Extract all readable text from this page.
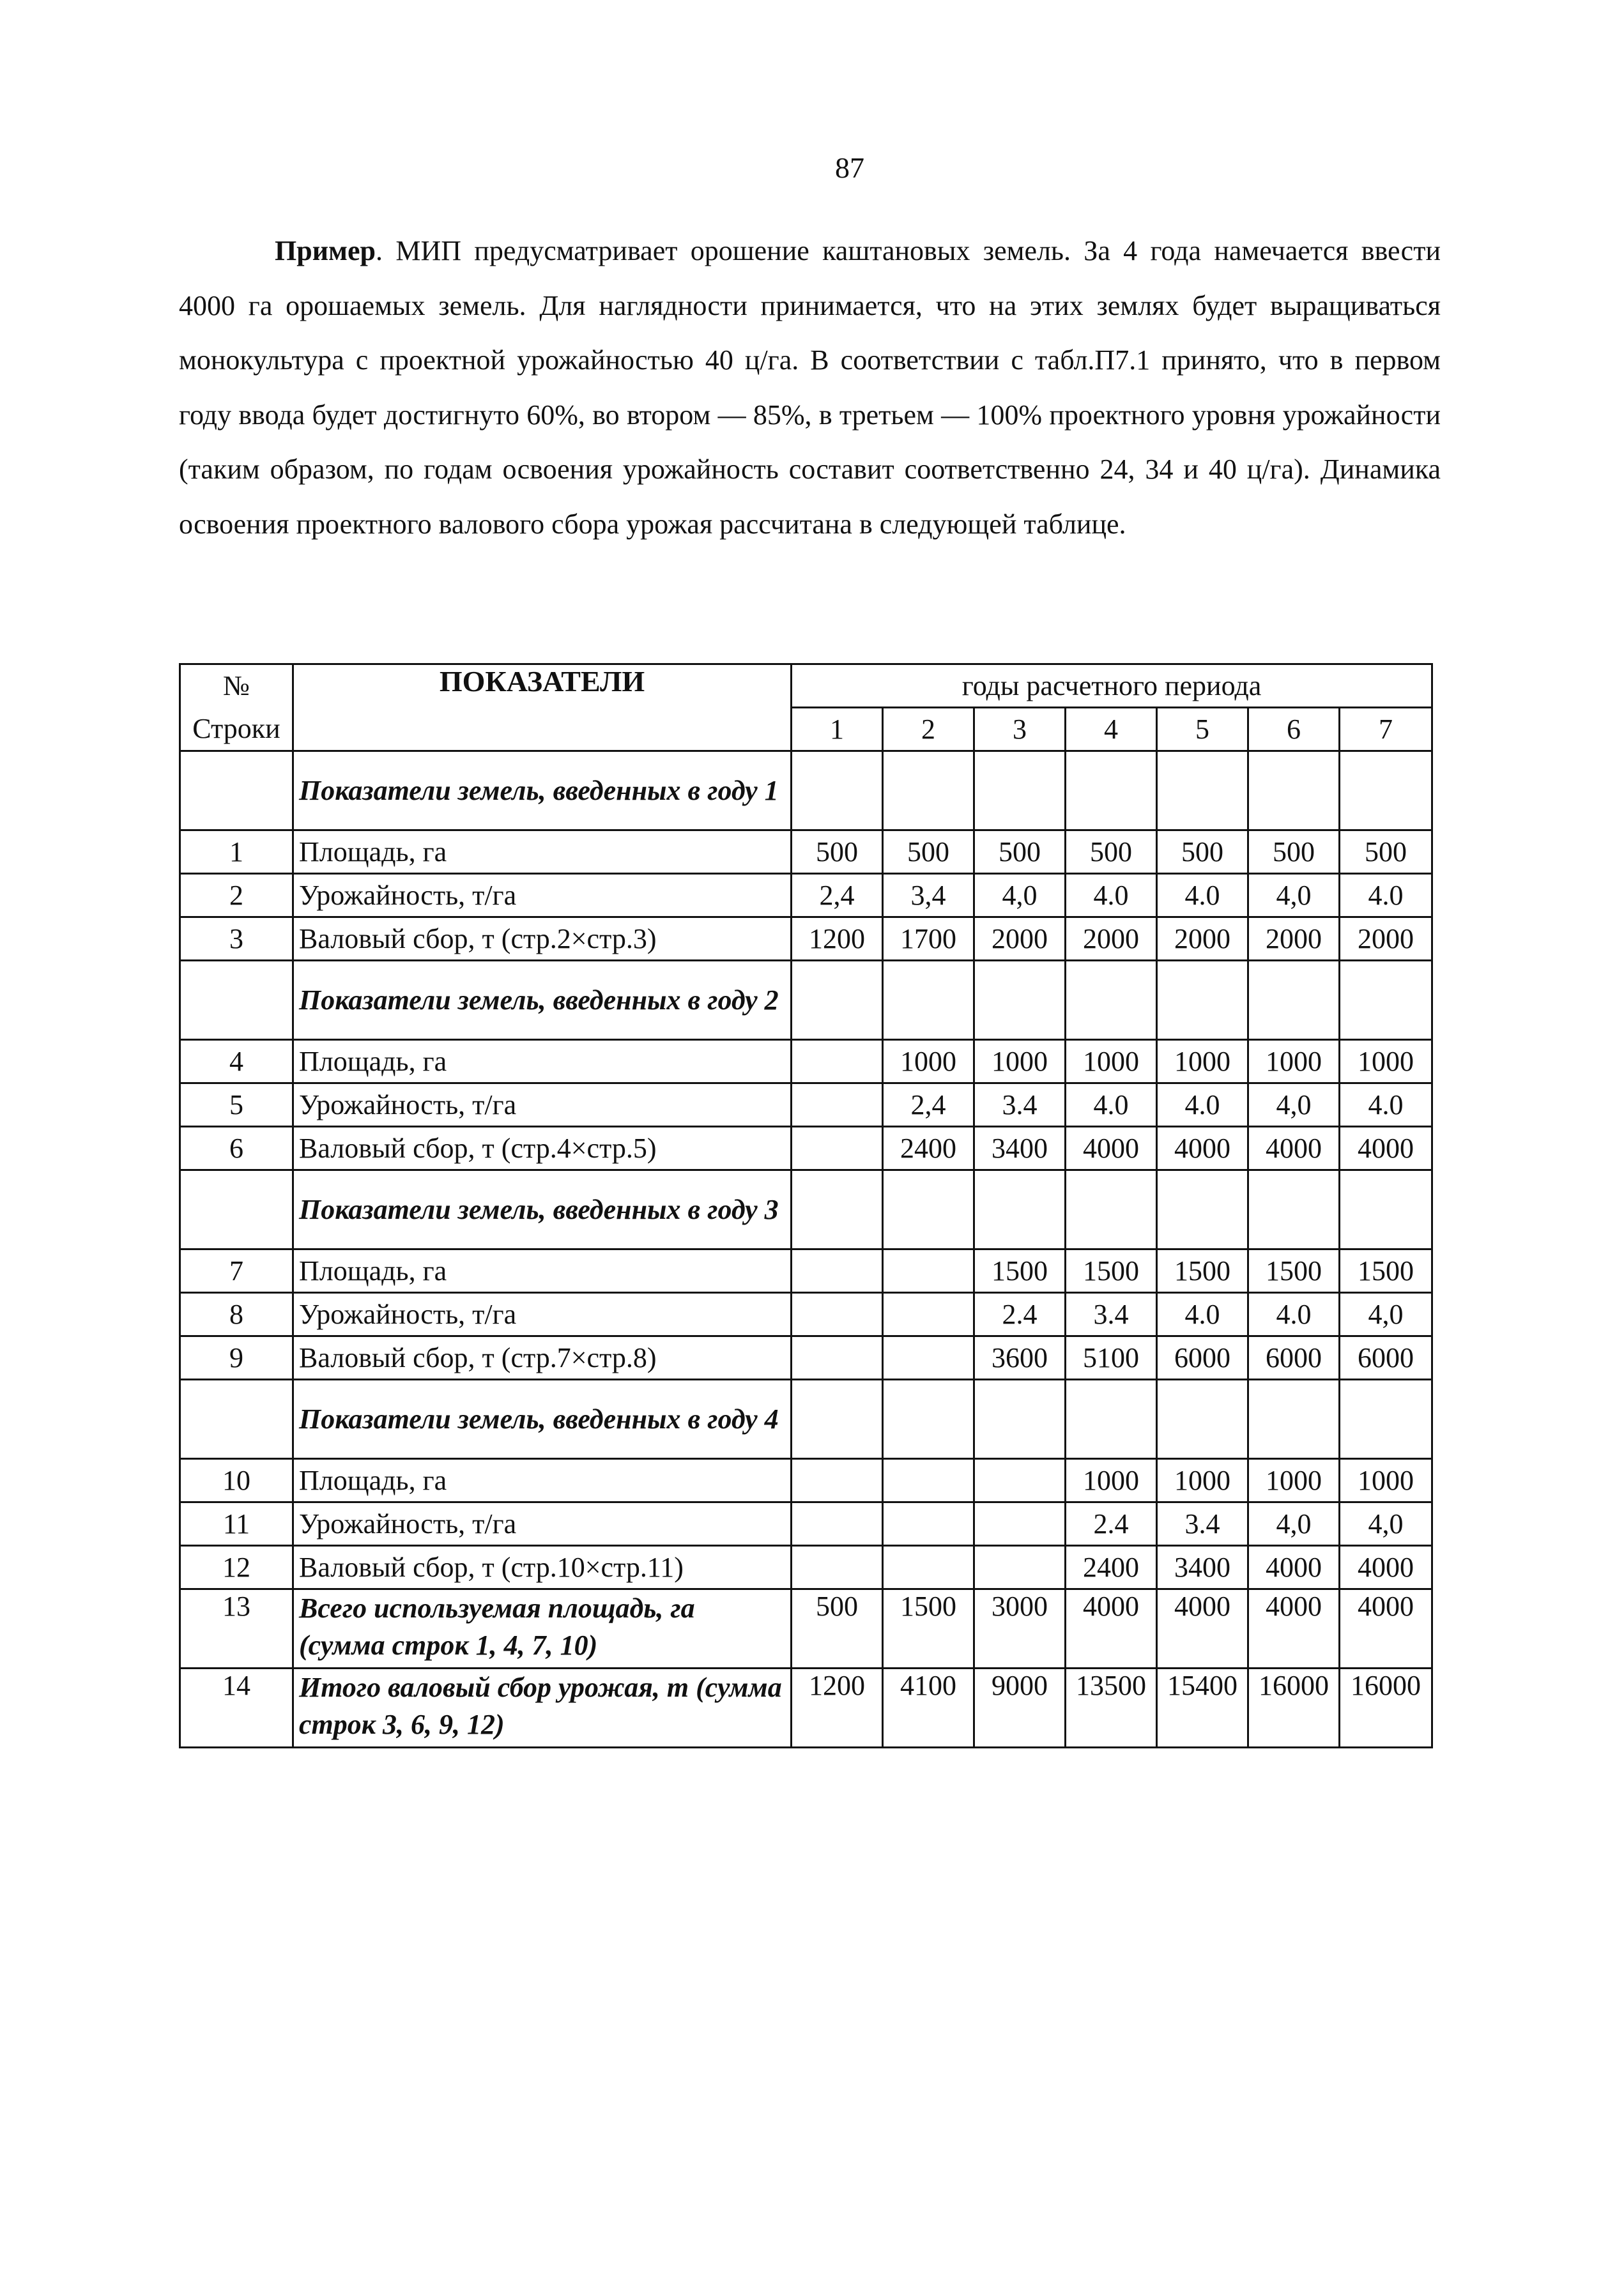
87
Пример. МИП предусматривает орошение каштановых земель. За 4 года намечается ввести 4000 га орошаемых земель. Для наглядности принимается, что на этих землях будет выращиваться монокультура с проектной урожайностью 40 ц/га. В соответствии с табл.П7.1 принято, что в первом году ввода будет достигнуто 60%, во втором — 85%, в третьем — 100% проектного уровня урожайности (таким образом, по годам освоения урожайность составит соответственно 24, 34 и 40 ц/га). Динамика освоения проектного валового сбора урожая рассчитана в следующей таблице.
№	ПОКАЗАТЕЛИ	годы расчетного периода						
Строки		1	2	3	4	5	6	7
	Показатели земель, введенных в году 1							
1	Площадь, га	500	500	500	500	500	500	500
2	Урожайность, т/га	2,4	3,4	4,0	4.0	4.0	4,0	4.0
3	Валовый сбор, т (стр.2×стр.3)	1200	1700	2000	2000	2000	2000	2000
	Показатели земель, введенных в году 2							
4	Площадь, га		1000	1000	1000	1000	1000	1000
5	Урожайность, т/га		2,4	3.4	4.0	4.0	4,0	4.0
6	Валовый сбор, т (стр.4×стр.5)		2400	3400	4000	4000	4000	4000
	Показатели земель, введенных в году 3							
7	Площадь, га			1500	1500	1500	1500	1500
8	Урожайность, т/га			2.4	3.4	4.0	4.0	4,0
9	Валовый сбор, т (стр.7×стр.8)			3600	5100	6000	6000	6000
	Показатели земель, введенных в году 4							
10	Площадь, га				1000	1000	1000	1000
11	Урожайность, т/га				2.4	3.4	4,0	4,0
12	Валовый сбор, т (стр.10×стр.11)				2400	3400	4000	4000
13	Всего используемая площадь, га (сумма строк 1, 4, 7, 10)	500	1500	3000	4000	4000	4000	4000
14	Итого валовый сбор урожая, т (сумма строк 3, 6, 9, 12)	1200	4100	9000	13500	15400	16000	16000
